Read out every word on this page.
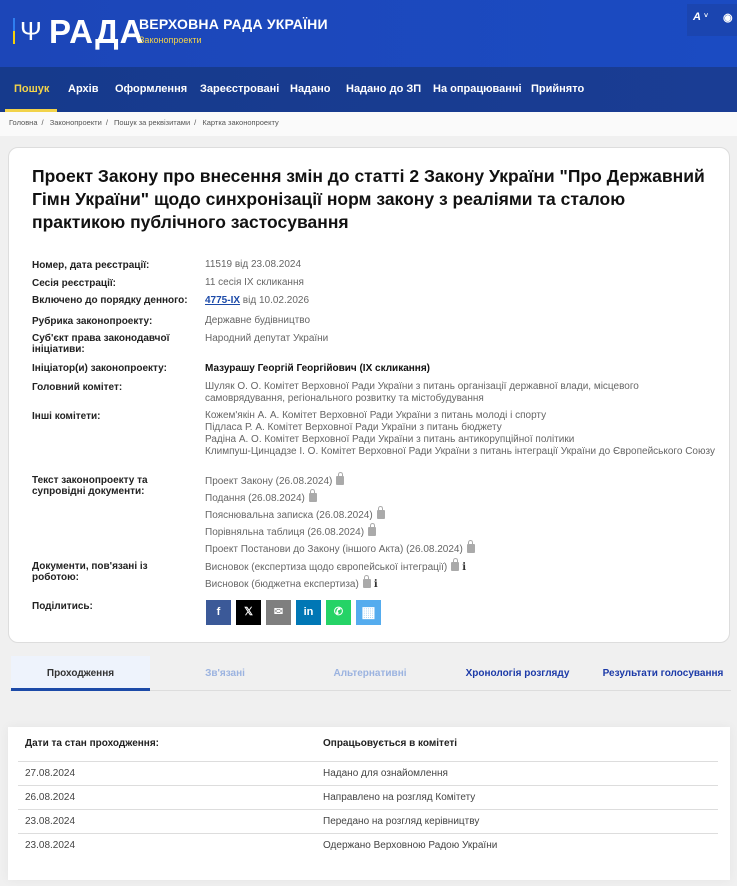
Ψ РАДА
ВЕРХОВНА РАДА УКРАЇНИ
Законопроекти
A ˅ ◉
Пошук Архів Оформлення Зареєстровані Надано Надано до ЗП На опрацюванні Прийнято
Головна / Законопроекти / Пошук за реквізитами / Картка законопроекту
Проект Закону про внесення змін до статті 2 Закону України "Про Державний Гімн України" щодо синхронізації норм закону з реаліями та сталою практикою публічного застосування
Номер, дата реєстрації:	11519 від 23.08.2024
Сесія реєстрації:	11 сесія IX скликання
Включено до порядку денного:	4775-IX від 10.02.2026
Рубрика законопроекту:	Державне будівництво
Суб'єкт права законодавчої ініціативи:
Народний депутат України
Ініціатор(и) законопроекту:	Мазурашу Георгій Георгійович (IX скликання)
Головний комітет:	Шуляк О. О. Комітет Верховної Ради України з питань організації державної влади, місцевого самоврядування, регіонального розвитку та містобудування
Інші комітети:	Кожем'якін А. А. Комітет Верховної Ради України з питань молоді і спорту
Підласа Р. А. Комітет Верховної Ради України з питань бюджету
Радіна А. О. Комітет Верховної Ради України з питань антикорупційної політики
Климпуш-Цинцадзе І. О. Комітет Верховної Ради України з питань інтеграції України до Європейського Союзу
Текст законопроекту та супровідні документи:
Проект Закону (26.08.2024)
Подання (26.08.2024)
Пояснювальна записка (26.08.2024)
Порівняльна таблиця (26.08.2024)
Проект Постанови до Закону (іншого Акта) (26.08.2024)
Документи, пов'язані із роботою:
Висновок (експертиза щодо європейської інтеграції) i
Висновок (бюджетна експертиза) i
Поділитись:	f	𝕏	✉	in	✆	▦
Проходження	Зв'язані	Альтернативні	Хронологія розгляду	Результати голосування
Дати та стан проходження:	Опрацьовується в комітеті
27.08.2024	Надано для ознайомлення
26.08.2024	Направлено на розгляд Комітету
23.08.2024	Передано на розгляд керівництву
23.08.2024	Одержано Верховною Радою України
